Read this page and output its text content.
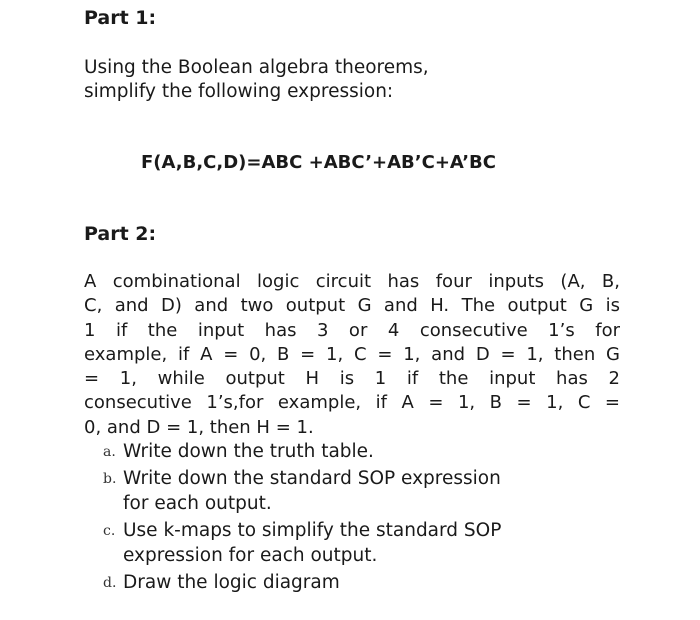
Part 1:

Using the Boolean algebra theorems,
simplify the following expression:

F(A,B,C,D)=ABC +ABC’+AB’C+A’BC

Part 2:

A combinational logic circuit has four inputs (A, B,
C, and D) and two output G and H. The output G is
1 if the input has 3 or 4 consecutive 1’s for
example, if A = 0, B = 1, C = 1, and D = 1, then G
= 1, while output H is 1 if the input has 2
consecutive 1’s,for example, if A = 1, B = 1, C =
0, and D = 1, then H = 1.

a. Write down the truth table.
b. Write down the standard SOP expression
for each output.
c. Use k-maps to simplify the standard SOP
expression for each output.
d. Draw the logic diagram
